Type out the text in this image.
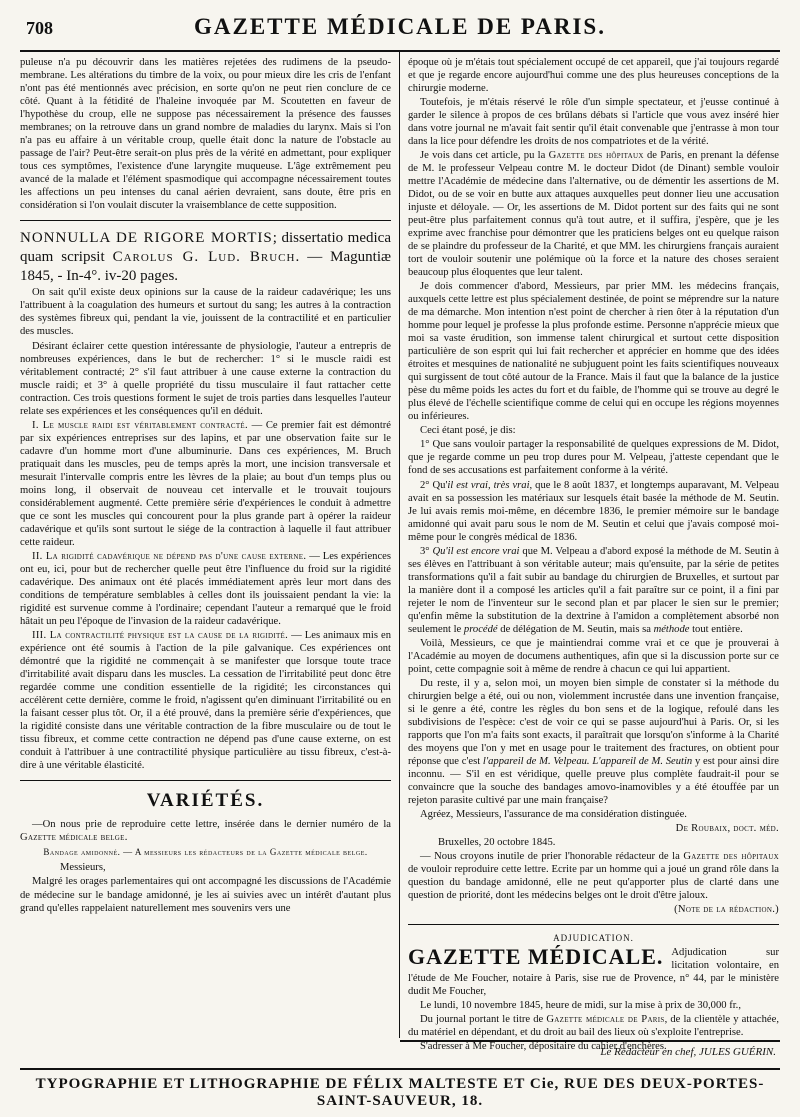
708	GAZETTE MÉDICALE DE PARIS.

puleuse n'a pu découvrir dans les matières rejetées des rudimens de la pseudo-membrane. Les altérations du timbre de la voix, ou pour mieux dire les cris de l'enfant n'ont pas été mentionnés avec précision, en sorte qu'on ne peut rien conclure de ce côté. Quant à la fétidité de l'haleine invoquée par M. Scoutetten en faveur de l'hypothèse du croup, elle ne suppose pas nécessairement la présence des fausses membranes; on la retrouve dans un grand nombre de maladies du larynx. Mais si l'on n'a pas eu affaire à un véritable croup, quelle était donc la nature de l'obstacle au passage de l'air? Peut-être serait-on plus près de la vérité en admettant, pour expliquer tous ces symptômes, l'existence d'une laryngite muqueuse. L'âge extrêmement peu avancé de la malade et l'élément spasmodique qui accompagne nécessairement toutes les affections un peu intenses du canal aérien devraient, sans doute, être pris en considération si l'on voulait discuter la vraisemblance de cette supposition.

NONNULLA DE RIGORE MORTIS; dissertatio medica quam scripsit Carolus G. Lud. Bruch. — Maguntiæ 1845, - In-4°. iv-20 pages.

On sait qu'il existe deux opinions sur la cause de la raideur cadavérique; les uns l'attribuent à la coagulation des humeurs et surtout du sang; les autres à la contraction des systèmes fibreux qui, pendant la vie, jouissent de la contractilité et en particulier des muscles.

Désirant éclairer cette question intéressante de physiologie, l'auteur a entrepris de nombreuses expériences, dans le but de rechercher: 1° si le muscle raidi est véritablement contracté; 2° s'il faut attribuer à une cause externe la contraction du muscle raidi; et 3° à quelle propriété du tissu musculaire il faut rattacher cette contraction. Ces trois questions forment le sujet de trois parties dans lesquelles l'auteur relate ses expériences et les conséquences qu'il en déduit.

I. Le muscle raidi est véritablement contracté. — Ce premier fait est démontré par six expériences entreprises sur des lapins, et par une observation faite sur le cadavre d'un homme mort d'une albuminurie. Dans ces expériences, M. Bruch pratiquait dans les muscles, peu de temps après la mort, une incision transversale et mesurait l'intervalle compris entre les lèvres de la plaie; au bout d'un temps plus ou moins long, il observait de nouveau cet intervalle et le trouvait toujours considérablement augmenté. Cette première série d'expériences le conduit à admettre que ce sont les muscles qui concourent pour la plus grande part à opérer la raideur cadavérique et qu'ils sont surtout le siége de la contraction à laquelle il faut attribuer cette raideur.

II. La rigidité cadavérique ne dépend pas d'une cause externe. — Les expériences ont eu, ici, pour but de rechercher quelle peut être l'influence du froid sur la rigidité cadavérique. Des animaux ont été placés immédiatement après leur mort dans des conditions de température semblables à celles dont ils jouissaient pendant la vie: la rigidité est survenue comme à l'ordinaire; cependant l'auteur a remarqué que le froid hâtait un peu l'époque de l'invasion de la raideur cadavérique.

III. La contractilité physique est la cause de la rigidité. — Les animaux mis en expérience ont été soumis à l'action de la pile galvanique. Ces expériences ont démontré que la rigidité ne commençait à se manifester que lorsque toute trace d'irritabilité avait disparu dans les muscles. La cessation de l'irritabilité peut donc être regardée comme une condition essentielle de la rigidité; les circonstances qui accélèrent cette dernière, comme le froid, n'agissent qu'en diminuant l'irritabilité ou en la faisant cesser plus tôt. Or, il a été prouvé, dans la première série d'expériences, que la rigidité consiste dans une véritable contraction de la fibre musculaire ou de tout le tissu fibreux, et comme cette contraction ne dépend pas d'une cause externe, on est conduit à l'attribuer à une contractilité physique particulière au tissu fibreux, c'est-à-dire à une véritable élasticité.

VARIÉTÉS.

—On nous prie de reproduire cette lettre, insérée dans le dernier numéro de la Gazette médicale belge.

Bandage amidonné. — A messieurs les rédacteurs de la Gazette médicale belge.

Messieurs,

Malgré les orages parlementaires qui ont accompagné les discussions de l'Académie de médecine sur le bandage amidonné, je les ai suivies avec un intérêt d'autant plus grand qu'elles rappelaient naturellement mes souvenirs vers une

époque où je m'étais tout spécialement occupé de cet appareil, que j'ai toujours regardé et que je regarde encore aujourd'hui comme une des plus heureuses conceptions de la chirurgie moderne.

Toutefois, je m'étais réservé le rôle d'un simple spectateur, et j'eusse continué à garder le silence à propos de ces brûlans débats si l'article que vous avez inséré hier dans votre journal ne m'avait fait sentir qu'il était convenable que j'entrasse à mon tour dans la lice pour défendre les droits de nos compatriotes et de la vérité.

Je vois dans cet article, pu la Gazette des hôpitaux de Paris, en prenant la défense de M. le professeur Velpeau contre M. le docteur Didot (de Dinant) semble vouloir mettre l'Académie de médecine dans l'alternative, ou de démentir les assertions de M. Didot, ou de se voir en butte aux attaques auxquelles peut donner lieu une accusation injuste et déloyale. — Or, les assertions de M. Didot portent sur des faits qui ne sont peut-être plus parfaitement connus qu'à tout autre, et il suffira, j'espère, que je les exprime avec franchise pour démontrer que les praticiens belges ont eu quelque raison de se plaindre du professeur de la Charité, et que MM. les chirurgiens français auraient tort de vouloir soutenir une polémique où la force et la nature des choses seraient beaucoup plus éloquentes que leur talent.

Je dois commencer d'abord, Messieurs, par prier MM. les médecins français, auxquels cette lettre est plus spécialement destinée, de point se méprendre sur la nature de ma démarche. Mon intention n'est point de chercher à rien ôter à la réputation d'un homme pour lequel je professe la plus profonde estime. Personne n'apprécie mieux que moi sa vaste érudition, son immense talent chirurgical et surtout cette disposition particulière de son esprit qui lui fait rechercher et apprécier en homme que des idées étroites et mesquines de nationalité ne subjuguent point les faits scientifiques nouveaux qui surgissent de tout côté autour de la France. Mais il faut que la balance de la justice pèse du même poids les actes du fort et du faible, de l'homme qui se trouve au degré le plus élevé de l'échelle scientifique comme de celui qui en occupe les régions moyennes ou inférieures.

Ceci étant posé, je dis:

1° Que sans vouloir partager la responsabilité de quelques expressions de M. Didot, que je regarde comme un peu trop dures pour M. Velpeau, j'atteste cependant que le fond de ses accusations est parfaitement conforme à la vérité.

2° Qu'il est vrai, très vrai, que le 8 août 1837, et longtemps auparavant, M. Velpeau avait en sa possession les matériaux sur lesquels était basée la méthode de M. Seutin. Je lui avais remis moi-même, en décembre 1836, le premier mémoire sur le bandage amidonné qui avait paru sous le nom de M. Seutin et celui que j'avais composé moi-même pour le congrès médical de 1836.

3° Qu'il est encore vrai que M. Velpeau a d'abord exposé la méthode de M. Seutin à ses élèves en l'attribuant à son véritable auteur; mais qu'ensuite, par la série de petites transformations qu'il a fait subir au bandage du chirurgien de Bruxelles, et surtout par la manière dont il a composé les articles qu'il a fait paraître sur ce point, il a fini par rejeter le nom de l'inventeur sur le second plan et par placer le sien sur le premier; qu'enfin même la substitution de la dextrine à l'amidon a complètement absorbé non seulement le procédé de délégation de M. Seutin, mais sa méthode tout entière.

Voilà, Messieurs, ce que je maintiendrai comme vrai et ce que je prouverai à l'Académie au moyen de documens authentiques, afin que si la discussion porte sur ce point, cette compagnie soit à même de rendre à chacun ce qui lui appartient.

Du reste, il y a, selon moi, un moyen bien simple de constater si la méthode du chirurgien belge a été, oui ou non, violemment incrustée dans une invention française, si le genre a été, contre les règles du bon sens et de la logique, refoulé dans les subdivisions de l'espèce: c'est de voir ce qui se passe aujourd'hui à Paris. Or, si les rapports que l'on m'a faits sont exacts, il paraîtrait que lorsqu'on s'informe à la Charité des moyens que l'on y met en usage pour le traitement des fractures, on obtient pour réponse que c'est l'appareil de M. Velpeau. L'appareil de M. Seutin y est pour ainsi dire inconnu. — S'il en est véridique, quelle preuve plus complète faudrait-il pour se convaincre que la souche des bandages amovo-inamovibles y a été étouffée par un rejeton parasite cultivé par une main française?

Agréez, Messieurs, l'assurance de ma considération distinguée.

De Roubaix, doct. méd.

Bruxelles, 20 octobre 1845.

— Nous croyons inutile de prier l'honorable rédacteur de la Gazette des hôpitaux de vouloir reproduire cette lettre. Ecrite par un homme qui a joué un grand rôle dans la question du bandage amidonné, elle ne peut qu'apporter plus de clarté dans une question de priorité, dont les médecins belges ont le droit d'être jaloux.

(Note de la rédaction.)

ADJUDICATION.
GAZETTE MÉDICALE. Adjudication sur licitation volontaire, en l'étude de Me Foucher, notaire à Paris, sise rue de Provence, n° 44, par le ministère dudit Me Foucher,

Le lundi, 10 novembre 1845, heure de midi, sur la mise à prix de 30,000 fr.,

Du journal portant le titre de Gazette médicale de Paris, de la clientèle y attachée, du matériel en dépendant, et du droit au bail des lieux où s'exploite l'entreprise.

S'adresser à Me Foucher, dépositaire du cahier d'enchères.

Le Rédacteur en chef, JULES GUÉRIN.
TYPOGRAPHIE ET LITHOGRAPHIE DE FÉLIX MALTESTE ET Cie, RUE DES DEUX-PORTES-SAINT-SAUVEUR, 18.
